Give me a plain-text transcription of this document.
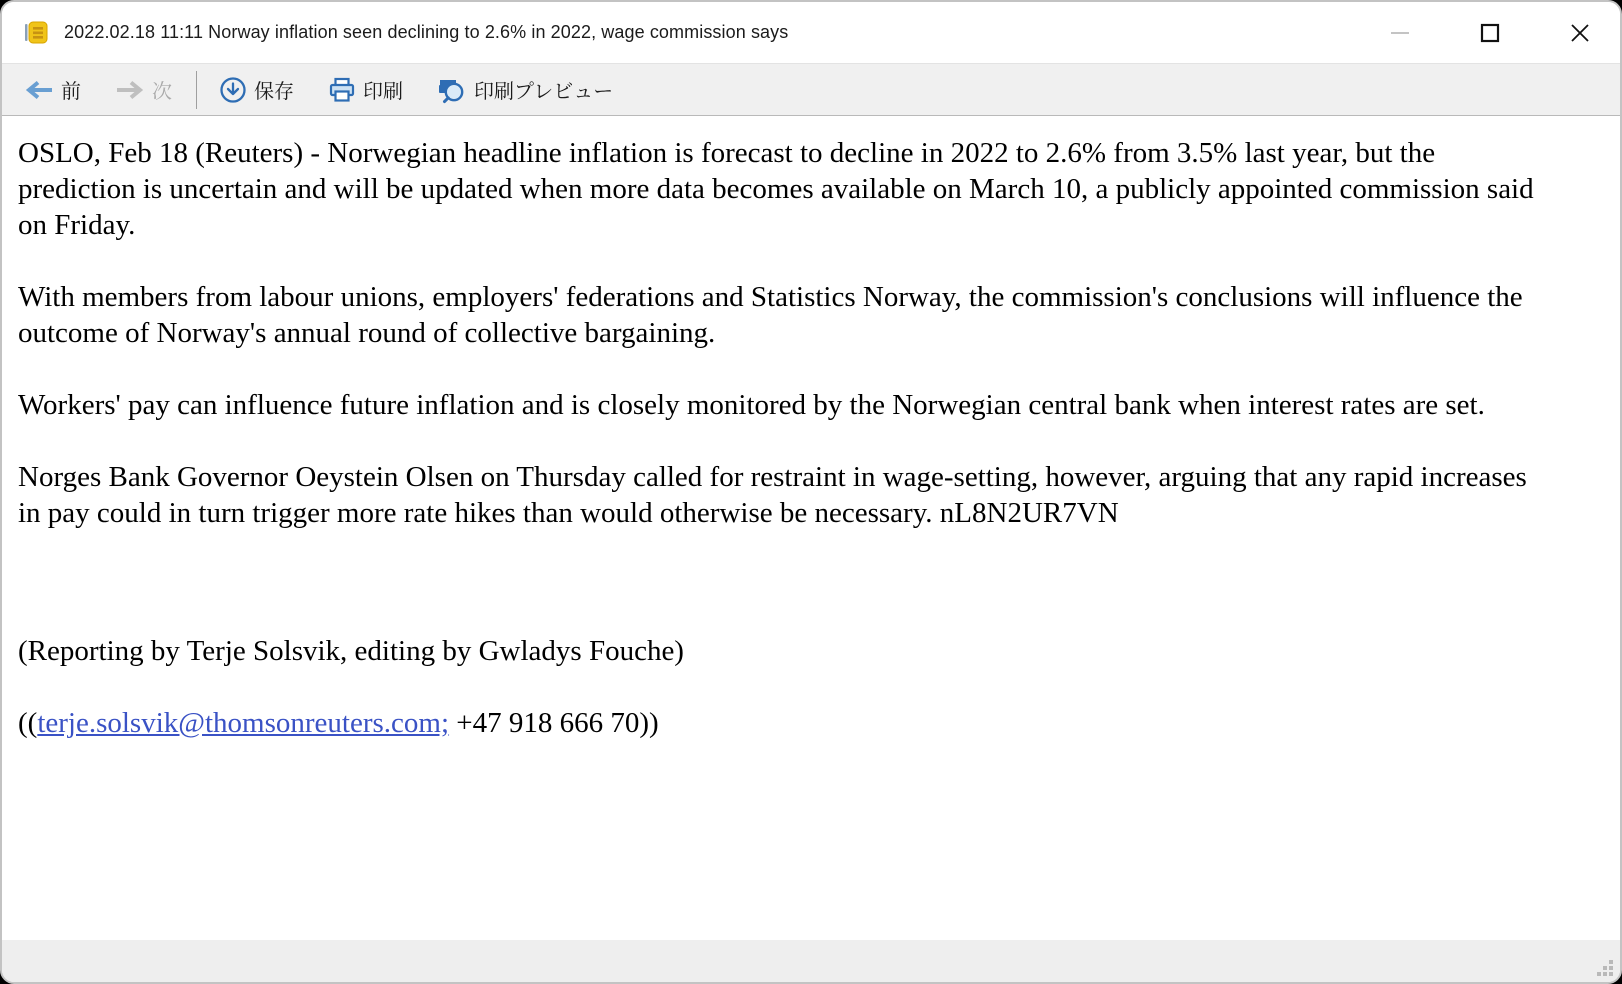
2022.02.18 11:11 Norway inflation seen declining to 2.6% in 2022, wage commission says
前	次	保存	印刷	印刷プレビュー

OSLO, Feb 18 (Reuters) - Norwegian headline inflation is forecast to decline in 2022 to 2.6% from 3.5% last year, but the prediction is uncertain and will be updated when more data becomes available on March 10, a publicly appointed commission said on Friday.

With members from labour unions, employers' federations and Statistics Norway, the commission's conclusions will influence the outcome of Norway's annual round of collective bargaining.

Workers' pay can influence future inflation and is closely monitored by the Norwegian central bank when interest rates are set.

Norges Bank Governor Oeystein Olsen on Thursday called for restraint in wage-setting, however, arguing that any rapid increases in pay could in turn trigger more rate hikes than would otherwise be necessary. nL8N2UR7VN

(Reporting by Terje Solsvik, editing by Gwladys Fouche)

((terje.solsvik@thomsonreuters.com; +47 918 666 70))
